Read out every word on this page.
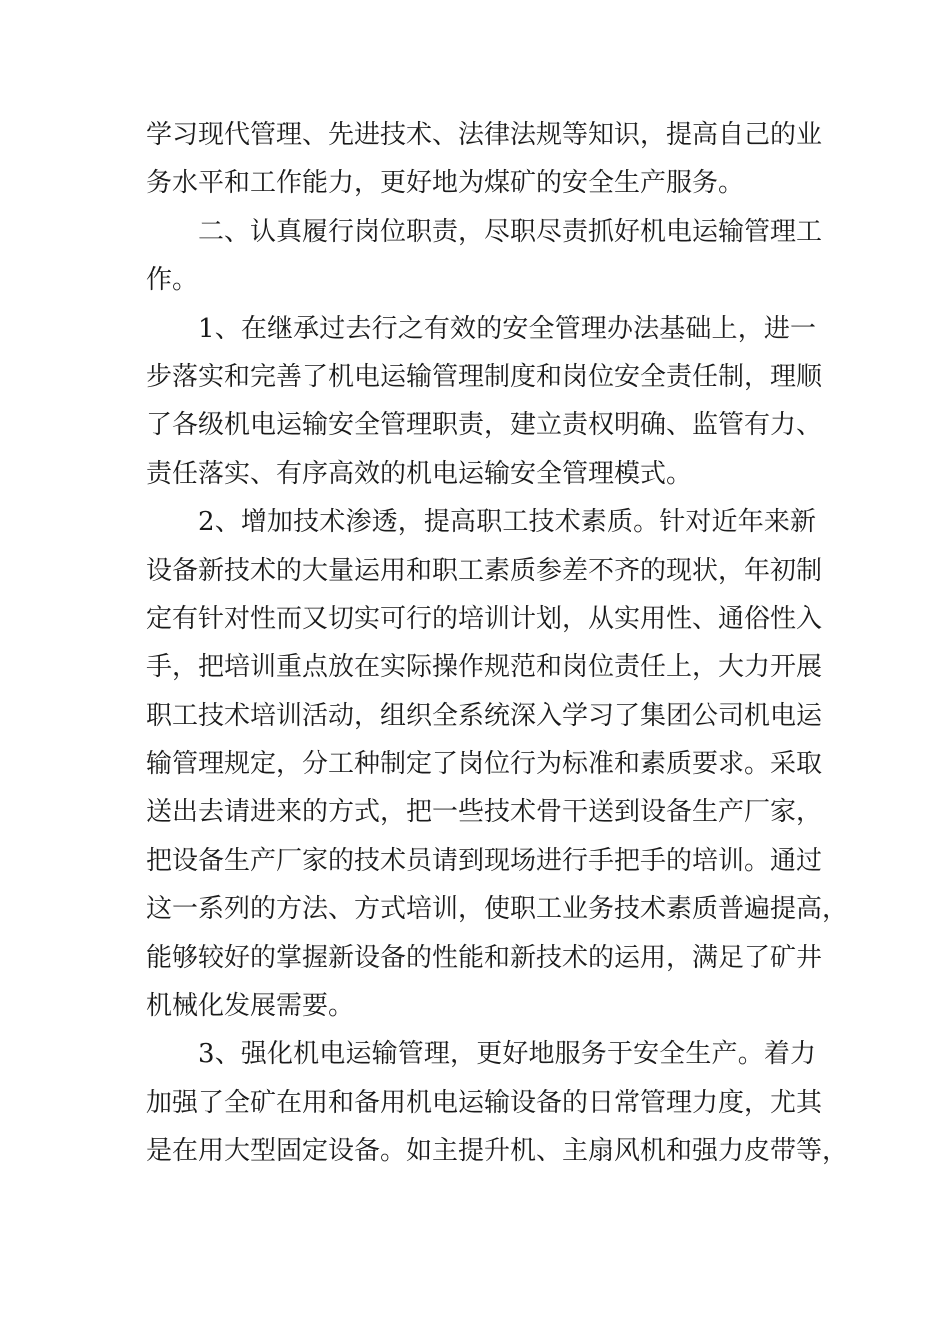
学习现代管理、先进技术、法律法规等知识，提高自己的业
务水平和工作能力，更好地为煤矿的安全生产服务。
二、认真履行岗位职责，尽职尽责抓好机电运输管理工
作。
1、在继承过去行之有效的安全管理办法基础上，进一
步落实和完善了机电运输管理制度和岗位安全责任制，理顺
了各级机电运输安全管理职责，建立责权明确、监管有力、
责任落实、有序高效的机电运输安全管理模式。
2、增加技术渗透，提高职工技术素质。针对近年来新
设备新技术的大量运用和职工素质参差不齐的现状，年初制
定有针对性而又切实可行的培训计划，从实用性、通俗性入
手，把培训重点放在实际操作规范和岗位责任上，大力开展
职工技术培训活动，组织全系统深入学习了集团公司机电运
输管理规定，分工种制定了岗位行为标准和素质要求。采取
送出去请进来的方式，把一些技术骨干送到设备生产厂家，
把设备生产厂家的技术员请到现场进行手把手的培训。通过
这一系列的方法、方式培训，使职工业务技术素质普遍提高，
能够较好的掌握新设备的性能和新技术的运用，满足了矿井
机械化发展需要。
3、强化机电运输管理，更好地服务于安全生产。着力
加强了全矿在用和备用机电运输设备的日常管理力度，尤其
是在用大型固定设备。如主提升机、主扇风机和强力皮带等，
